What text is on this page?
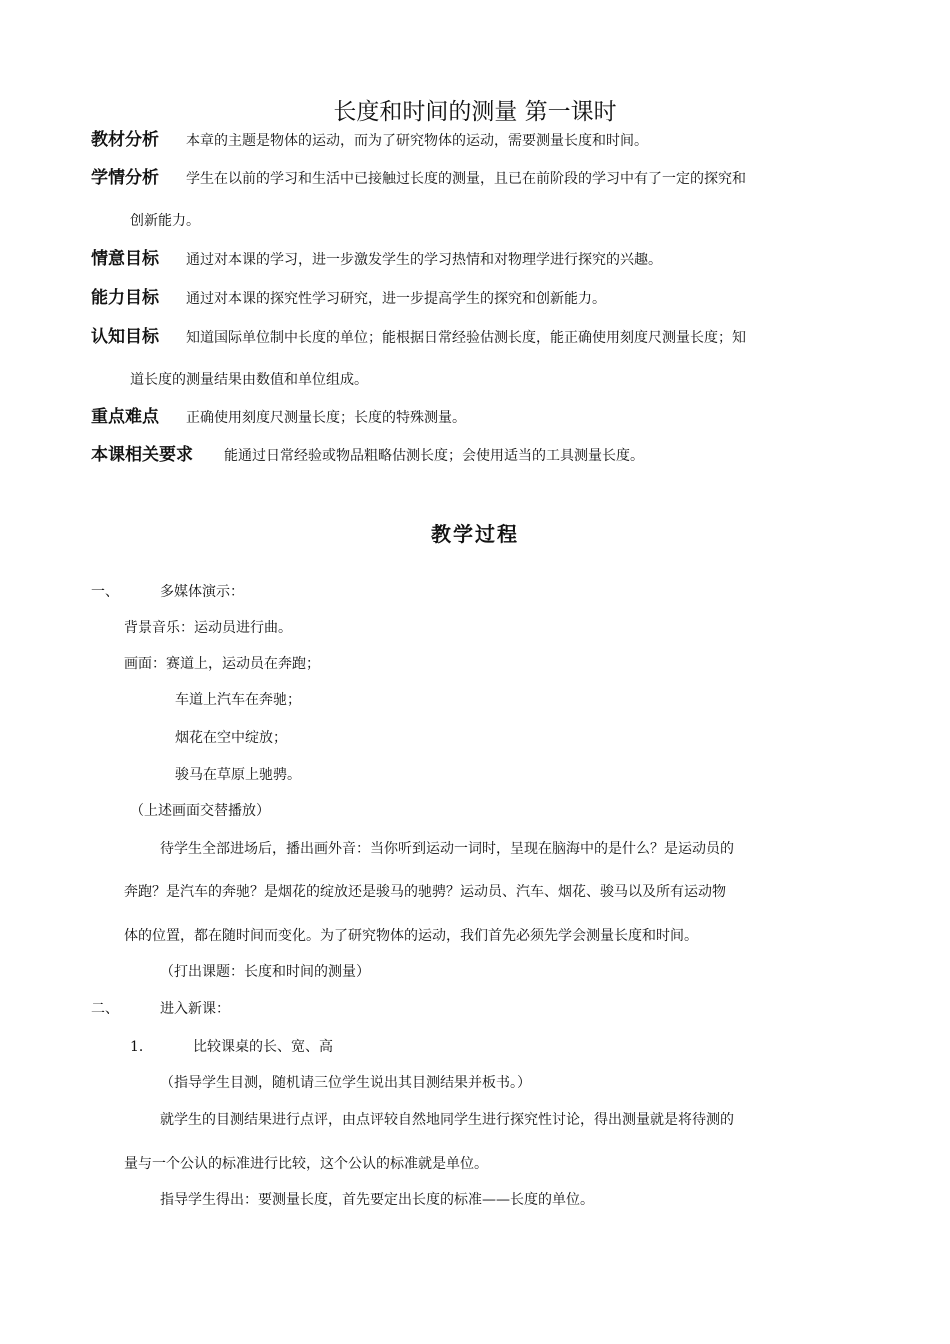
长度和时间的测量 第一课时
教材分析 本章的主题是物体的运动，而为了研究物体的运动，需要测量长度和时间。
学情分析 学生在以前的学习和生活中已接触过长度的测量，且已在前阶段的学习中有了一定的探究和
创新能力。
情意目标 通过对本课的学习，进一步激发学生的学习热情和对物理学进行探究的兴趣。
能力目标 通过对本课的探究性学习研究，进一步提高学生的探究和创新能力。
认知目标 知道国际单位制中长度的单位；能根据日常经验估测长度，能正确使用刻度尺测量长度；知
道长度的测量结果由数值和单位组成。
重点难点 正确使用刻度尺测量长度；长度的特殊测量。
本课相关要求 能通过日常经验或物品粗略估测长度；会使用适当的工具测量长度。
教学过程
一、	多媒体演示：
背景音乐：运动员进行曲。
画面：赛道上，运动员在奔跑；
车道上汽车在奔驰；
烟花在空中绽放；
骏马在草原上驰骋。
（上述画面交替播放）
待学生全部进场后，播出画外音：当你听到运动一词时，呈现在脑海中的是什么？是运动员的
奔跑？是汽车的奔驰？是烟花的绽放还是骏马的驰骋？运动员、汽车、烟花、骏马以及所有运动物
体的位置，都在随时间而变化。为了研究物体的运动，我们首先必须先学会测量长度和时间。
（打出课题：长度和时间的测量）
二、	进入新课：
1．	比较课桌的长、宽、高
（指导学生目测，随机请三位学生说出其目测结果并板书。）
就学生的目测结果进行点评，由点评较自然地同学生进行探究性讨论，得出测量就是将待测的
量与一个公认的标准进行比较，这个公认的标准就是单位。
指导学生得出：要测量长度，首先要定出长度的标准——长度的单位。
